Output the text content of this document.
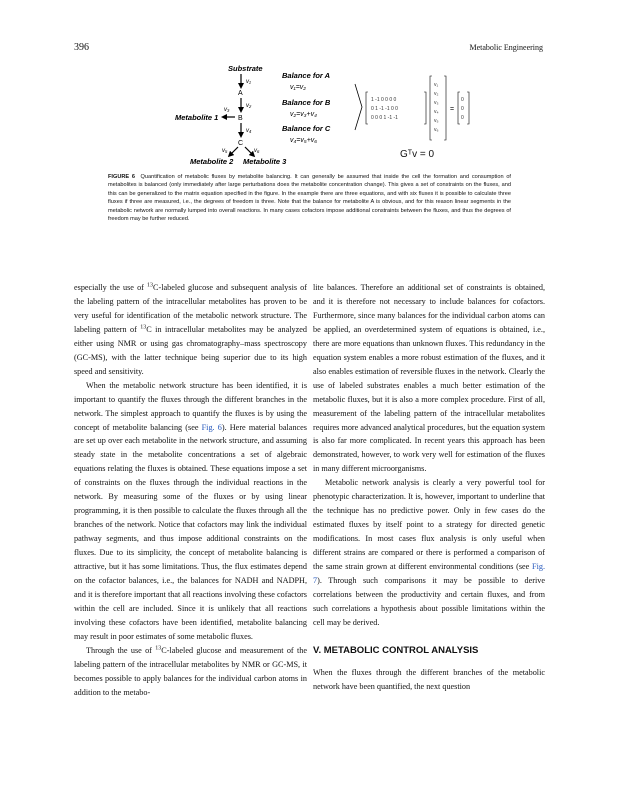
396	Metabolic Engineering
Substrate
v₁
A
v₂
B
Metabolite 1
v₃
v₄
C
v₅	v₆
Metabolite 2 Metabolite 3
Balance for A
v₁=v₂
Balance for B
v₂=v₃+v₄
Balance for C
v₄=v₅+v₆
1 -1 0 0 0 0
0 1 -1 -1 0 0
0 0 0 1 -1 -1
v₁
v₂
v₃
v₄
v₅
v₆
=
0
0
0
Gᵀv = 0
FIGURE 6 Quantification of metabolic fluxes by metabolite balancing. It can generally be assumed that inside the cell the formation and consumption of metabolites is balanced (only immediately after large perturbations does the metabolite concentration change). This gives a set of constraints on the fluxes, and this can be generalized to the matrix equation specified in the figure. In the example there are three equations, and with six fluxes it is possible to calculate three fluxes if three are measured, i.e., the degrees of freedom is three. Note that the balance for metabolite A is obvious, and for this reason linear segments in the metabolic network are normally lumped into overall reactions. In many cases cofactors impose additional constraints between the fluxes, and thus the degrees of freedom may be further reduced.

especially the use of $^{13}$C-labeled glucose and subsequent analysis of the labeling pattern of the intracellular metabolites has proven to be very useful for identification of the metabolic network structure. The labeling pattern of $^{13}$C in intracellular metabolites may be analyzed either using NMR or using gas chromatography–mass spectroscopy (GC-MS), with the latter technique being superior due to its high speed and sensitivity.

When the metabolic network structure has been identified, it is important to quantify the fluxes through the different branches in the network. The simplest approach to quantify the fluxes is by using the concept of metabolite balancing (see Fig. 6). Here material balances are set up over each metabolite in the network structure, and assuming steady state in the metabolite concentrations a set of algebraic equations relating the fluxes is obtained. These equations impose a set of constraints on the fluxes through the individual reactions in the network. By measuring some of the fluxes or by using linear programming, it is then possible to calculate the fluxes through all the branches of the network. Notice that cofactors may link the individual pathway segments, and thus impose additional constraints on the fluxes. Due to its simplicity, the concept of metabolite balancing is attractive, but it has some limitations. Thus, the flux estimates depend on the cofactor balances, i.e., the balances for NADH and NADPH, and it is therefore important that all reactions involving these cofactors within the cell are included. Since it is unlikely that all reactions involving these cofactors have been identified, metabolite balancing may result in poor estimates of some metabolic fluxes.

Through the use of $^{13}$C-labeled glucose and measurement of the labeling pattern of the intracellular metabolites by NMR or GC-MS, it becomes possible to apply balances for the individual carbon atoms in addition to the metabo-

lite balances. Therefore an additional set of constraints is obtained, and it is therefore not necessary to include balances for cofactors. Furthermore, since many balances for the individual carbon atoms can be applied, an overdetermined system of equations is obtained, i.e., there are more equations than unknown fluxes. This redundancy in the equation system enables a more robust estimation of the fluxes, and it also enables estimation of reversible fluxes in the network. Clearly the use of labeled substrates enables a much better estimation of the metabolic fluxes, but it is also a more complex procedure. First of all, measurement of the labeling pattern of the intracellular metabolites requires more advanced analytical procedures, but the equation system is also far more complicated. In recent years this approach has been demonstrated, however, to work very well for estimation of the fluxes in many different microorganisms.

Metabolic network analysis is clearly a very powerful tool for phenotypic characterization. It is, however, important to underline that the technique has no predictive power. Only in few cases do the estimated fluxes by itself point to a strategy for directed genetic modifications. In most cases flux analysis is only useful when different strains are compared or there is performed a comparison of the same strain grown at different environmental conditions (see Fig. 7). Through such comparisons it may be possible to derive correlations between the productivity and certain fluxes, and from such correlations a hypothesis about possible limitations within the cell may be derived.

V. METABOLIC CONTROL ANALYSIS

When the fluxes through the different branches of the metabolic network have been quantified, the next question
